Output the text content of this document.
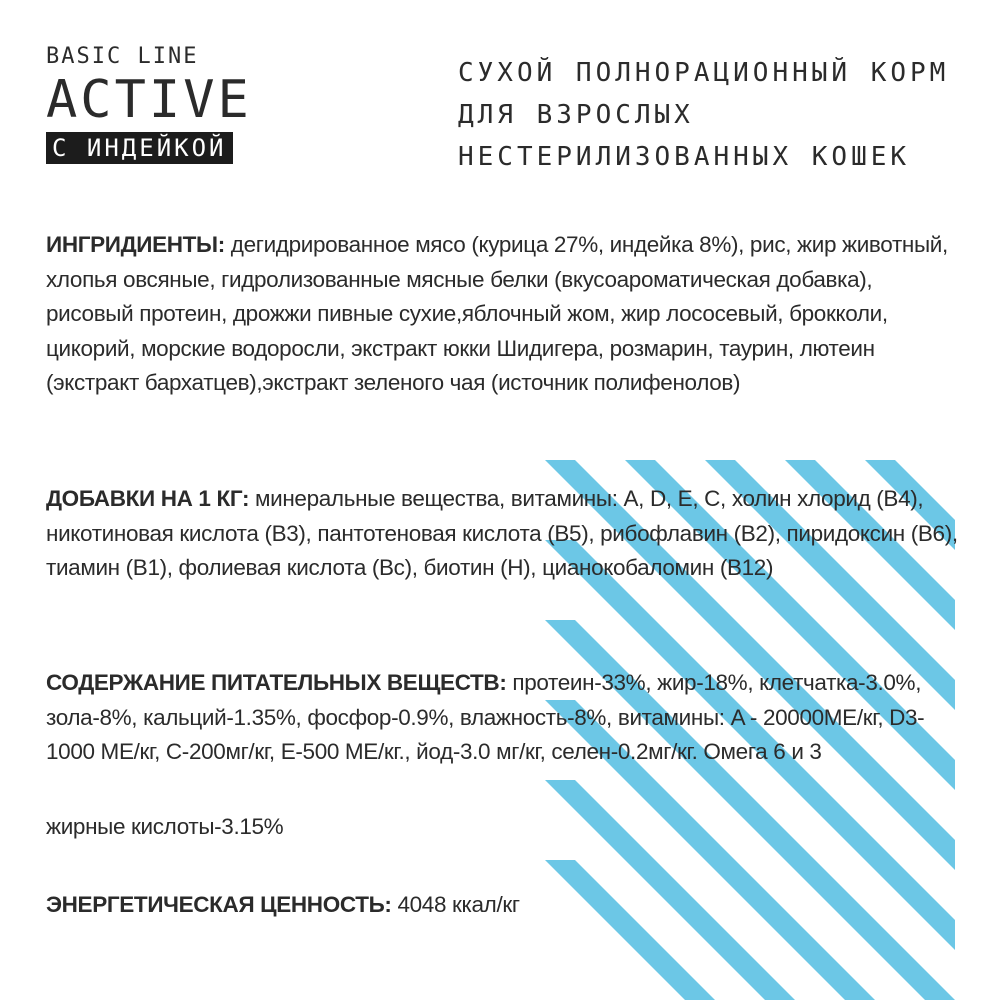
BASIC LINE
ACTIVE
С ИНДЕЙКОЙ
СУХОЙ ПОЛНОРАЦИОННЫЙ КОРМ
ДЛЯ ВЗРОСЛЫХ
НЕСТЕРИЛИЗОВАННЫХ КОШЕК
ИНГРИДИЕНТЫ: дегидрированное мясо (курица 27%, индейка 8%), рис, жир животный, хлопья овсяные, гидролизованные мясные белки (вкусоароматическая добавка), рисовый протеин, дрожжи пивные сухие,яблочный жом, жир лососевый, брокколи, цикорий, морские водоросли, экстракт юкки Шидигера, розмарин, таурин, лютеин (экстракт бархатцев),экстракт зеленого чая (источник полифенолов)
ДОБАВКИ НА 1 КГ: минеральные вещества, витамины: A, D, E, C, холин хлорид (B4), никотиновая кислота (B3), пантотеновая кислота (B5), рибофлавин (B2), пиридоксин (B6), тиамин (B1), фолиевая кислота (Bc), биотин (H), цианокобаломин (B12)
СОДЕРЖАНИЕ ПИТАТЕЛЬНЫХ ВЕЩЕСТВ: протеин-33%, жир-18%, клетчатка-3.0%, зола-8%, кальций-1.35%, фосфор-0.9%, влажность-8%, витамины: A - 20000МЕ/кг, D3-1000 МЕ/кг, C-200мг/кг, E-500 МЕ/кг., йод-3.0 мг/кг, селен-0.2мг/кг. Омега 6 и 3
жирные кислоты-3.15%
ЭНЕРГЕТИЧЕСКАЯ ЦЕННОСТЬ: 4048 ккал/кг
